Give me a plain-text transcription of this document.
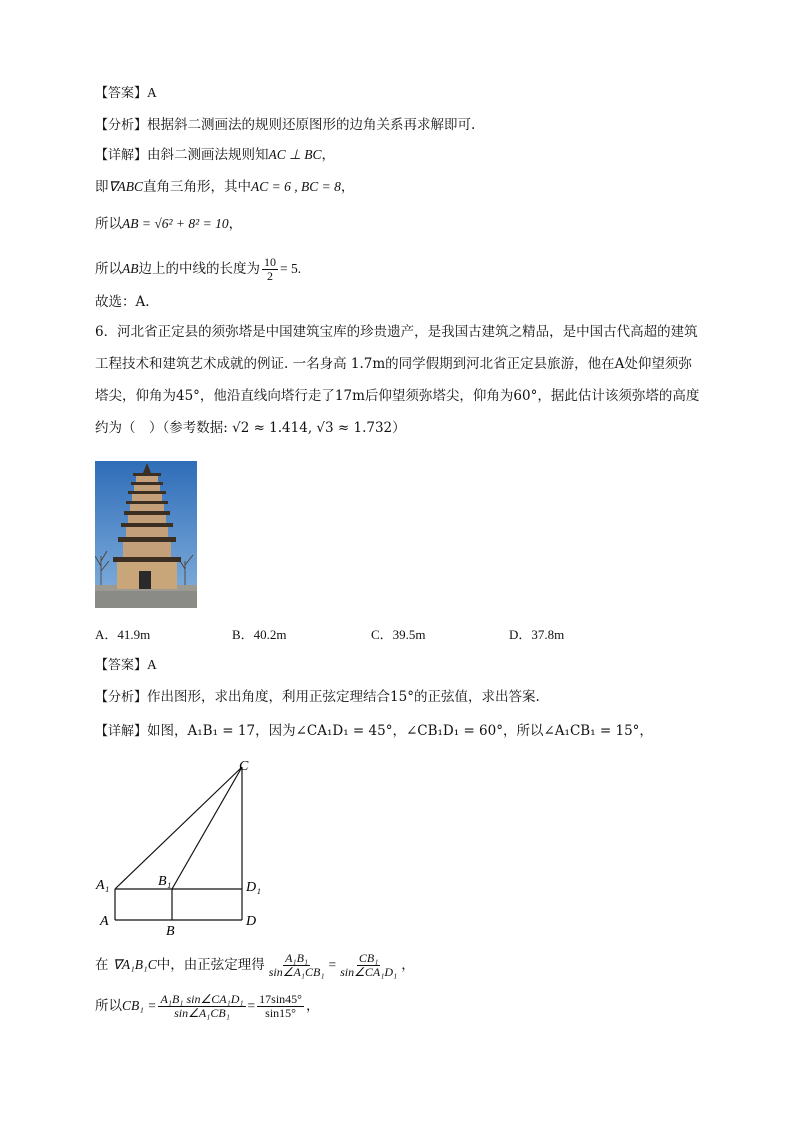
【答案】A
【分析】根据斜二测画法的规则还原图形的边角关系再求解即可.
【详解】由斜二测画法规则知AC ⊥ BC，
即∇ABC直角三角形，其中AC = 6 , BC = 8，
所以AB = √6² + 8² = 10，
所以AB边上的中线的长度为 $\frac{10}{2} = 5$.
故选：A.
6．河北省正定县的须弥塔是中国建筑宝库的珍贵遗产，是我国古建筑之精品，是中国古代高超的建筑工程技术和建筑艺术成就的例证. 一名身高 1.7m的同学假期到河北省正定县旅游，他在A处仰望须弥塔尖，仰角为45°，他沿直线向塔行走了17m后仰望须弥塔尖，仰角为60°，据此估计该须弥塔的高度约为（　）（参考数据: √2 ≈ 1.414, √3 ≈ 1.732）
A．41.9m	B．40.2m	C．39.5m	D．37.8m
【答案】A
【分析】作出图形，求出角度，利用正弦定理结合15°的正弦值，求出答案.
【详解】如图，A₁B₁ = 17，因为∠CA₁D₁ = 45°，∠CB₁D₁ = 60°，所以∠A₁CB₁ = 15°，
C
A₁	B₁	D₁
A
B
D
在 ∇A₁B₁C中，由正弦定理得 $\frac{\text{A₁B₁}}{\text{sin∠A₁CB₁}} = \frac{\text{CB₁}}{\text{sin∠CA₁D₁}}$ ，
所以$CB_1 = \frac{\text{A₁B₁ sin∠CA₁D₁}}{\text{sin∠A₁CB₁}} = \frac{17\sin 45^\circ}{\sin 15^\circ}$ ，
